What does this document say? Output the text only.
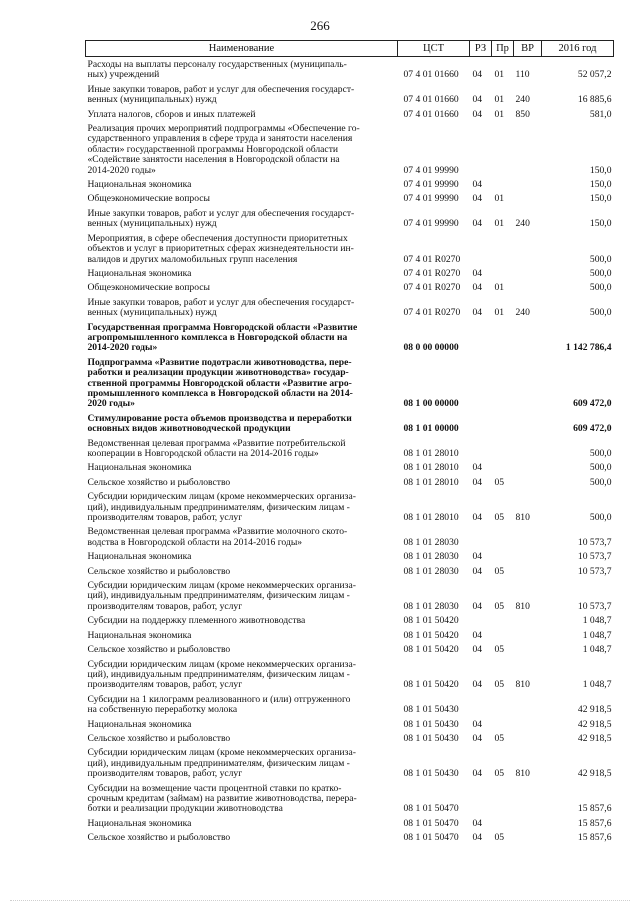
266
Наименование	ЦСТ	РЗ	Пр	ВР	2016 год
Расходы на выплаты персоналу государственных (муниципаль-
ных) учреждений	07 4 01 01660	04	01	110	52 057,2
Иные закупки товаров, работ и услуг для обеспечения государст-
венных (муниципальных) нужд	07 4 01 01660	04	01	240	16 885,6
Уплата налогов, сборов и иных платежей	07 4 01 01660	04	01	850	581,0
Реализация прочих мероприятий подпрограммы «Обеспечение го-
сударственного управления в сфере труда и занятости населения
области» государственной программы Новгородской области
«Содействие занятости населения в Новгородской области на
2014-2020 годы»	07 4 01 99990				150,0
Национальная экономика	07 4 01 99990	04			150,0
Общеэкономические вопросы	07 4 01 99990	04	01		150,0
Иные закупки товаров, работ и услуг для обеспечения государст-
венных (муниципальных) нужд	07 4 01 99990	04	01	240	150,0
Мероприятия, в сфере обеспечения доступности приоритетных
объектов и услуг в приоритетных сферах жизнедеятельности ин-
валидов и других маломобильных групп населения	07 4 01 R0270				500,0
Национальная экономика	07 4 01 R0270	04			500,0
Общеэкономические вопросы	07 4 01 R0270	04	01		500,0
Иные закупки товаров, работ и услуг для обеспечения государст-
венных (муниципальных) нужд	07 4 01 R0270	04	01	240	500,0
Государственная программа Новгородской области «Развитие
агропромышленного комплекса в Новгородской области на
2014-2020 годы»	08 0 00 00000				1 142 786,4
Подпрограмма «Развитие подотрасли животноводства, пере-
работки и реализации продукции животноводства» государ-
ственной программы Новгородской области «Развитие агро-
промышленного комплекса в Новгородской области на 2014-
2020 годы»	08 1 00 00000				609 472,0
Стимулирование роста объемов производства и переработки
основных видов животноводческой продукции	08 1 01 00000				609 472,0
Ведомственная целевая программа «Развитие потребительской
кооперации в Новгородской области на 2014-2016 годы»	08 1 01 28010				500,0
Национальная экономика	08 1 01 28010	04			500,0
Сельское хозяйство и рыболовство	08 1 01 28010	04	05		500,0
Субсидии юридическим лицам (кроме некоммерческих организа-
ций), индивидуальным предпринимателям, физическим лицам -
производителям товаров, работ, услуг	08 1 01 28010	04	05	810	500,0
Ведомственная целевая программа «Развитие молочного ското-
водства в Новгородской области на 2014-2016 годы»	08 1 01 28030				10 573,7
Национальная экономика	08 1 01 28030	04			10 573,7
Сельское хозяйство и рыболовство	08 1 01 28030	04	05		10 573,7
Субсидии юридическим лицам (кроме некоммерческих организа-
ций), индивидуальным предпринимателям, физическим лицам -
производителям товаров, работ, услуг	08 1 01 28030	04	05	810	10 573,7
Субсидии на поддержку племенного животноводства	08 1 01 50420				1 048,7
Национальная экономика	08 1 01 50420	04			1 048,7
Сельское хозяйство и рыболовство	08 1 01 50420	04	05		1 048,7
Субсидии юридическим лицам (кроме некоммерческих организа-
ций), индивидуальным предпринимателям, физическим лицам -
производителям товаров, работ, услуг	08 1 01 50420	04	05	810	1 048,7
Субсидии на 1 килограмм реализованного и (или) отгруженного
на собственную переработку молока	08 1 01 50430				42 918,5
Национальная экономика	08 1 01 50430	04			42 918,5
Сельское хозяйство и рыболовство	08 1 01 50430	04	05		42 918,5
Субсидии юридическим лицам (кроме некоммерческих организа-
ций), индивидуальным предпринимателям, физическим лицам -
производителям товаров, работ, услуг	08 1 01 50430	04	05	810	42 918,5
Субсидии на возмещение части процентной ставки по кратко-
срочным кредитам (займам) на развитие животноводства, перера-
ботки и реализации продукции животноводства	08 1 01 50470				15 857,6
Национальная экономика	08 1 01 50470	04			15 857,6
Сельское хозяйство и рыболовство	08 1 01 50470	04	05		15 857,6
